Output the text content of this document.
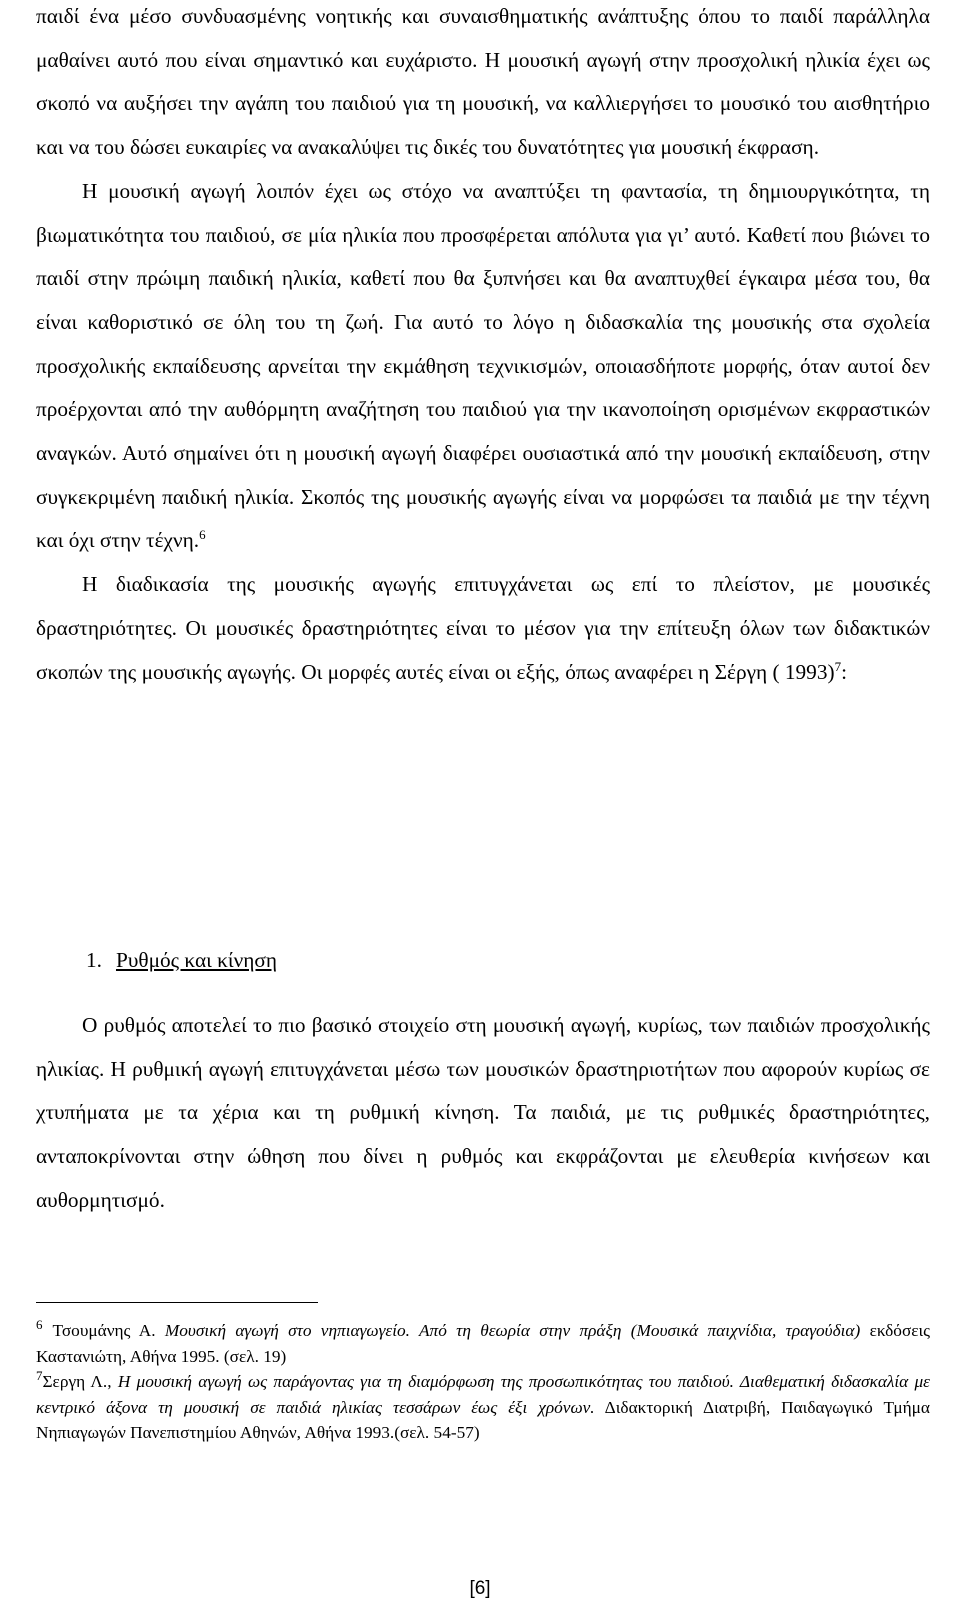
παιδί ένα μέσο συνδυασμένης νοητικής και συναισθηματικής ανάπτυξης όπου το παιδί παράλληλα μαθαίνει αυτό που είναι σημαντικό και ευχάριστο. Η μουσική αγωγή στην προσχολική ηλικία έχει ως σκοπό να αυξήσει την αγάπη του παιδιού για τη μουσική, να καλλιεργήσει το μουσικό του αισθητήριο και να του δώσει ευκαιρίες να ανακαλύψει τις δικές του δυνατότητες για μουσική έκφραση.

Η μουσική αγωγή λοιπόν έχει ως στόχο να αναπτύξει τη φαντασία, τη δημιουργικότητα, τη βιωματικότητα του παιδιού, σε μία ηλικία που προσφέρεται απόλυτα για γι’ αυτό. Καθετί που βιώνει το παιδί στην πρώιμη παιδική ηλικία, καθετί που θα ξυπνήσει και θα αναπτυχθεί έγκαιρα μέσα του, θα είναι καθοριστικό σε όλη του τη ζωή. Για αυτό το λόγο η διδασκαλία της μουσικής στα σχολεία προσχολικής εκπαίδευσης αρνείται την εκμάθηση τεχνικισμών, οποιασδήποτε μορφής, όταν αυτοί δεν προέρχονται από την αυθόρμητη αναζήτηση του παιδιού για την ικανοποίηση ορισμένων εκφραστικών αναγκών. Αυτό σημαίνει ότι η μουσική αγωγή διαφέρει ουσιαστικά από την μουσική εκπαίδευση, στην συγκεκριμένη παιδική ηλικία. Σκοπός της μουσικής αγωγής είναι να μορφώσει τα παιδιά με την τέχνη και όχι στην τέχνη.$^6$

Η διαδικασία της μουσικής αγωγής επιτυγχάνεται ως επί το πλείστον, με μουσικές δραστηριότητες. Οι μουσικές δραστηριότητες είναι το μέσον για την επίτευξη όλων των διδακτικών σκοπών της μουσικής αγωγής. Οι μορφές αυτές είναι οι εξής, όπως αναφέρει η Σέργη ( 1993)$^7$:

1. Ρυθμός και κίνηση

Ο ρυθμός αποτελεί το πιο βασικό στοιχείο στη μουσική αγωγή, κυρίως, των παιδιών προσχολικής ηλικίας. Η ρυθμική αγωγή επιτυγχάνεται μέσω των μουσικών δραστηριοτήτων που αφορούν κυρίως σε χτυπήματα με τα χέρια και τη ρυθμική κίνηση. Τα παιδιά, με τις ρυθμικές δραστηριότητες, ανταποκρίνονται στην ώθηση που δίνει η ρυθμός και εκφράζονται με ελευθερία κινήσεων και αυθορμητισμό.

$^6$ Τσουμάνης Α. Μουσική αγωγή στο νηπιαγωγείο. Από τη θεωρία στην πράξη (Μουσικά παιχνίδια, τραγούδια) εκδόσεις Καστανιώτη, Αθήνα 1995. (σελ. 19)

$^7$Σεργη Λ., Η μουσική αγωγή ως παράγοντας για τη διαμόρφωση της προσωπικότητας του παιδιού. Διαθεματική διδασκαλία με κεντρικό άξονα τη μουσική σε παιδιά ηλικίας τεσσάρων έως έξι χρόνων. Διδακτορική Διατριβή, Παιδαγωγικό Τμήμα Νηπιαγωγών Πανεπιστημίου Αθηνών, Αθήνα 1993.(σελ. 54-57)

[6]
